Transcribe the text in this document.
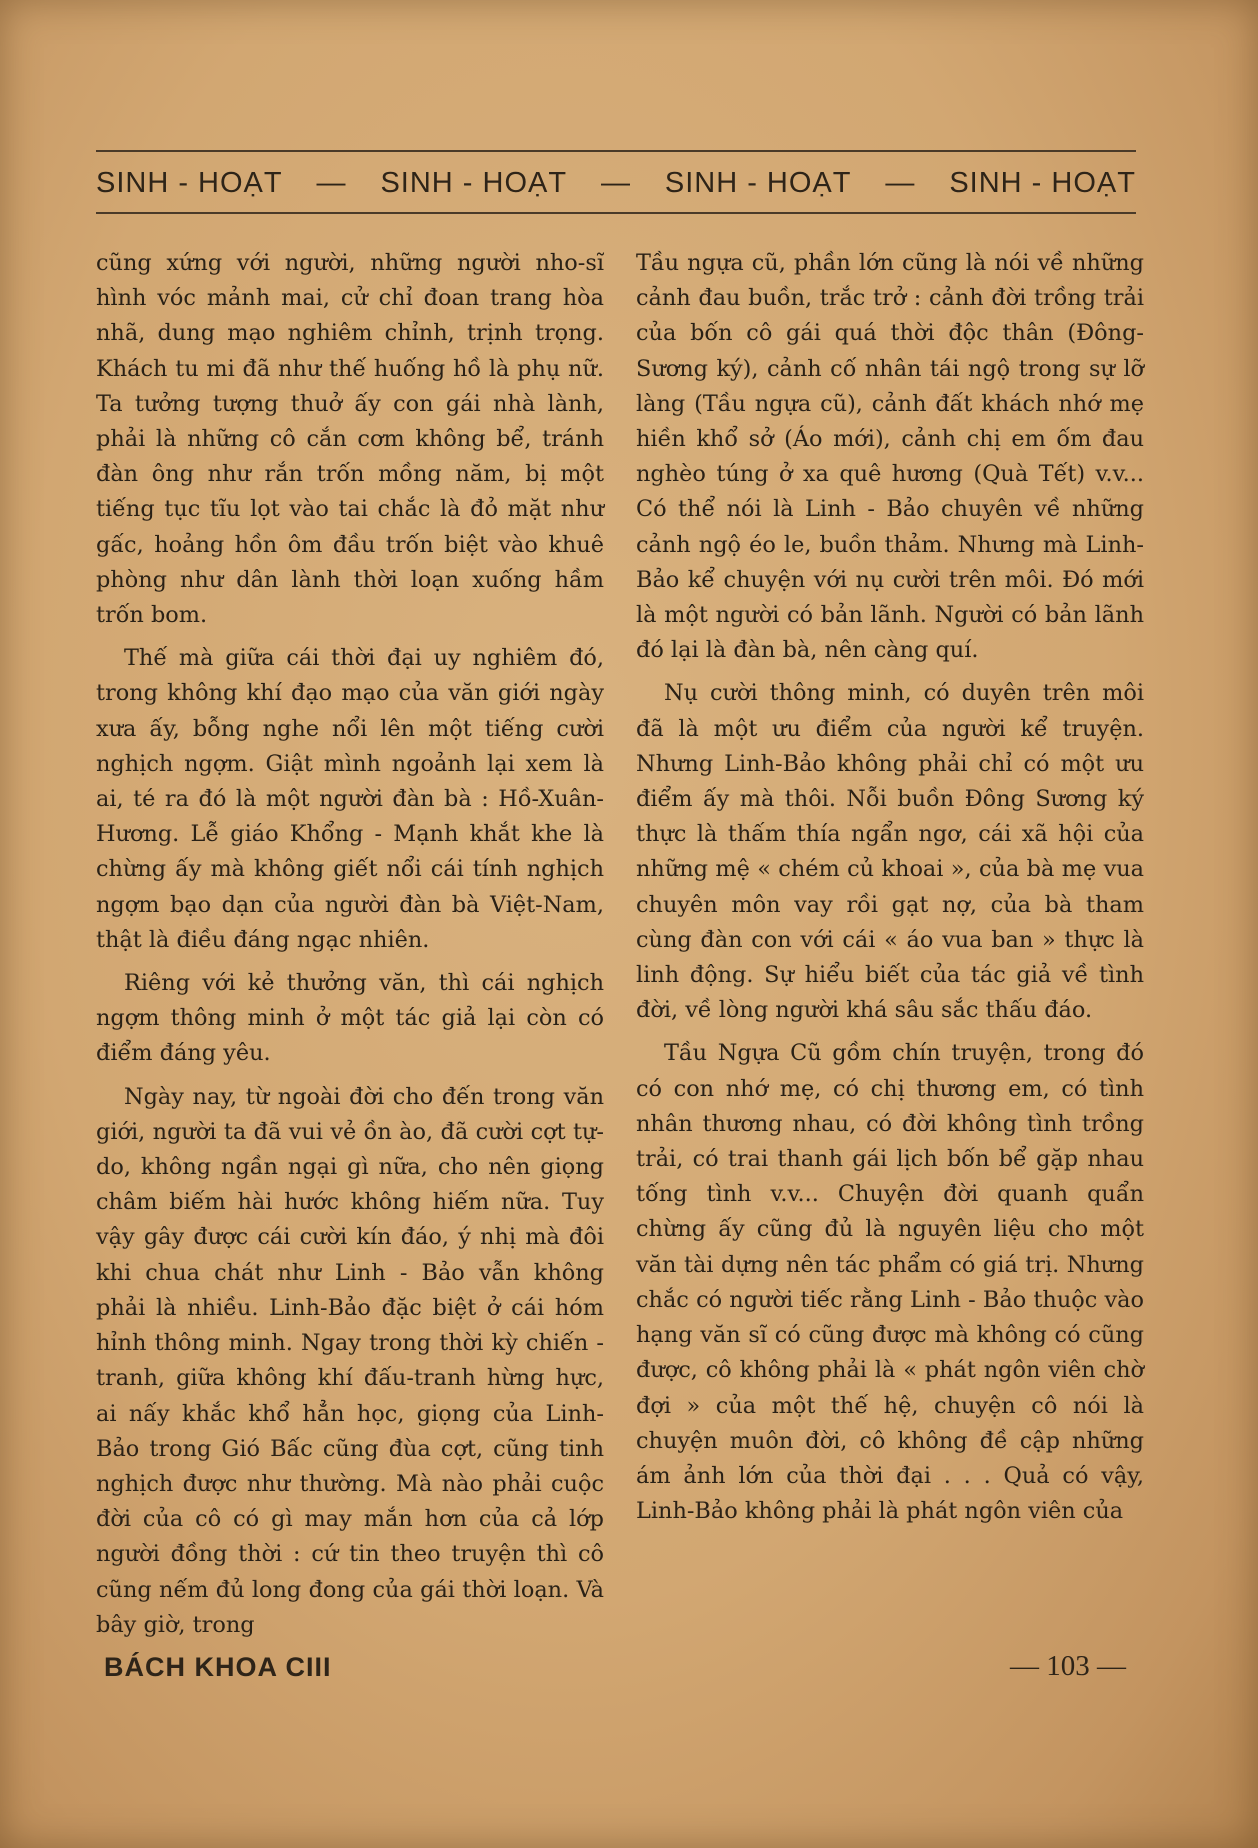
SINH - HOẠT — SINH - HOẠT — SINH - HOẠT — SINH - HOẠT

cũng xứng với người, những người nho-sĩ hình vóc mảnh mai, cử chỉ đoan trang hòa nhã, dung mạo nghiêm chỉnh, trịnh trọng. Khách tu mi đã như thế huống hồ là phụ nữ. Ta tưởng tượng thuở ấy con gái nhà lành, phải là những cô cắn cơm không bể, tránh đàn ông như rắn trốn mồng năm, bị một tiếng tục tĩu lọt vào tai chắc là đỏ mặt như gấc, hoảng hồn ôm đầu trốn biệt vào khuê phòng như dân lành thời loạn xuống hầm trốn bom.

Thế mà giữa cái thời đại uy nghiêm đó, trong không khí đạo mạo của văn giới ngày xưa ấy, bỗng nghe nổi lên một tiếng cười nghịch ngợm. Giật mình ngoảnh lại xem là ai, té ra đó là một người đàn bà : Hồ-Xuân-Hương. Lễ giáo Khổng - Mạnh khắt khe là chừng ấy mà không giết nổi cái tính nghịch ngợm bạo dạn của người đàn bà Việt-Nam, thật là điều đáng ngạc nhiên.

Riêng với kẻ thưởng văn, thì cái nghịch ngợm thông minh ở một tác giả lại còn có điểm đáng yêu.

Ngày nay, từ ngoài đời cho đến trong văn giới, người ta đã vui vẻ ồn ào, đã cười cợt tự-do, không ngần ngại gì nữa, cho nên giọng châm biếm hài hước không hiếm nữa. Tuy vậy gây được cái cười kín đáo, ý nhị mà đôi khi chua chát như Linh - Bảo vẫn không phải là nhiều. Linh-Bảo đặc biệt ở cái hóm hỉnh thông minh. Ngay trong thời kỳ chiến - tranh, giữa không khí đấu-tranh hừng hực, ai nấy khắc khổ hẳn học, giọng của Linh-Bảo trong Gió Bấc cũng đùa cợt, cũng tinh nghịch được như thường. Mà nào phải cuộc đời của cô có gì may mắn hơn của cả lớp người đồng thời : cứ tin theo truyện thì cô cũng nếm đủ long đong của gái thời loạn. Và bây giờ, trong

Tầu ngựa cũ, phần lớn cũng là nói về những cảnh đau buồn, trắc trở : cảnh đời trồng trải của bốn cô gái quá thời độc thân (Đông-Sương ký), cảnh cố nhân tái ngộ trong sự lỡ làng (Tầu ngựa cũ), cảnh đất khách nhớ mẹ hiền khổ sở (Áo mới), cảnh chị em ốm đau nghèo túng ở xa quê hương (Quà Tết) v.v... Có thể nói là Linh - Bảo chuyên về những cảnh ngộ éo le, buồn thảm. Nhưng mà Linh-Bảo kể chuyện với nụ cười trên môi. Đó mới là một người có bản lãnh. Người có bản lãnh đó lại là đàn bà, nên càng quí.

Nụ cười thông minh, có duyên trên môi đã là một ưu điểm của người kể truyện. Nhưng Linh-Bảo không phải chỉ có một ưu điểm ấy mà thôi. Nỗi buồn Đông Sương ký thực là thấm thía ngẩn ngơ, cái xã hội của những mệ « chém củ khoai », của bà mẹ vua chuyên môn vay rồi gạt nợ, của bà tham cùng đàn con với cái « áo vua ban » thực là linh động. Sự hiểu biết của tác giả về tình đời, về lòng người khá sâu sắc thấu đáo.

Tầu Ngựa Cũ gồm chín truyện, trong đó có con nhớ mẹ, có chị thương em, có tình nhân thương nhau, có đời không tình trồng trải, có trai thanh gái lịch bốn bể gặp nhau tống tình v.v... Chuyện đời quanh quẩn chừng ấy cũng đủ là nguyên liệu cho một văn tài dựng nên tác phẩm có giá trị. Nhưng chắc có người tiếc rằng Linh - Bảo thuộc vào hạng văn sĩ có cũng được mà không có cũng được, cô không phải là « phát ngôn viên chờ đợi » của một thế hệ, chuyện cô nói là chuyện muôn đời, cô không đề cập những ám ảnh lớn của thời đại . . . Quả có vậy, Linh-Bảo không phải là phát ngôn viên của

BÁCH KHOA CIII	— 103 —
